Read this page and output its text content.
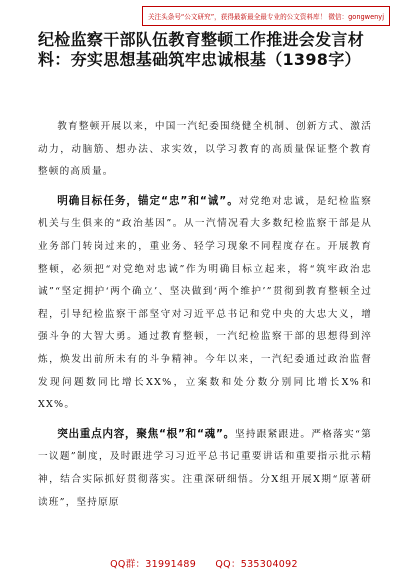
关注头条号“公文研究”，获得最新最全最专业的公文资料库！ 微信：gongwenyj
纪检监察干部队伍教育整顿工作推进会发言材料：夯实思想基础筑牢忠诚根基（1398字）

教育整顿开展以来，中国一汽纪委围绕健全机制、创新方式、激活动力，动脑筋、想办法、求实效，以学习教育的高质量保证整个教育整顿的高质量。

明确目标任务，锚定“忠”和“诚”。对党绝对忠诚，是纪检监察机关与生俱来的“政治基因”。从一汽情况看大多数纪检监察干部是从业务部门转岗过来的，重业务、轻学习现象不同程度存在。开展教育整顿，必须把“对党绝对忠诚”作为明确目标立起来，将“筑牢政治忠诚”“坚定拥护‘两个确立’、坚决做到‘两个维护’”贯彻到教育整顿全过程，引导纪检监察干部坚守对习近平总书记和党中央的大忠大义，增强斗争的大智大勇。通过教育整顿，一汽纪检监察干部的思想得到淬炼，焕发出前所未有的斗争精神。今年以来，一汽纪委通过政治监督发现问题数同比增长XX%，立案数和处分数分别同比增长X%和XX%。

突出重点内容，聚焦“根”和“魂”。坚持跟紧跟进。严格落实“第一议题”制度，及时跟进学习习近平总书记重要讲话和重要指示批示精神，结合实际抓好贯彻落实。注重深研细悟。分X组开展X期“原著研读班”，坚持原原

QQ群：31991489 QQ：535304092
